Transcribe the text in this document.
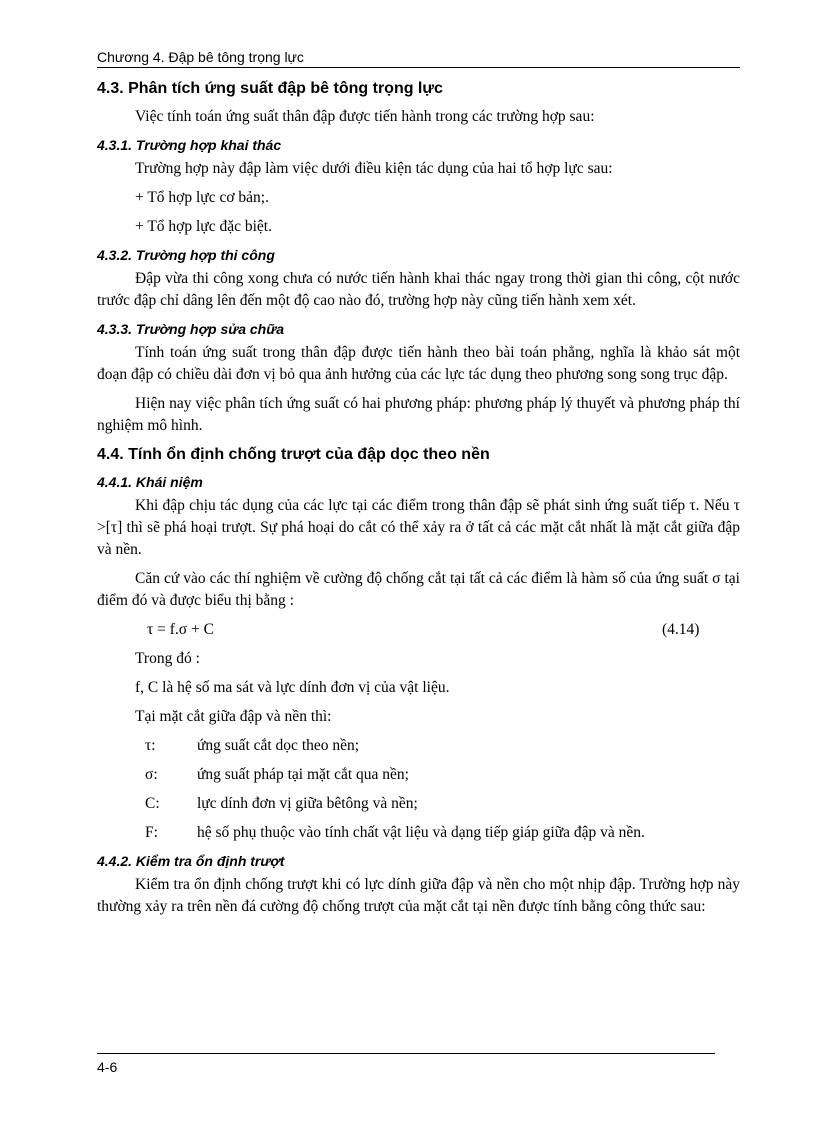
Chương 4. Đập bê tông trọng lực
4.3. Phân tích ứng suất đập bê tông trọng lực

Việc tính toán ứng suất thân đập được tiến hành trong các trường hợp sau:

4.3.1. Trường hợp khai thác

Trường hợp này đập làm việc dưới điều kiện tác dụng của hai tổ hợp lực sau:

+ Tổ hợp lực cơ bản;.

+ Tổ hợp lực đặc biệt.

4.3.2. Trường hợp thi công

Đập vừa thi công xong chưa có nước tiến hành khai thác ngay trong thời gian thi công, cột nước trước đập chỉ dâng lên đến một độ cao nào đó, trường hợp này cũng tiến hành xem xét.

4.3.3. Trường hợp sửa chữa

Tính toán ứng suất trong thân đập được tiến hành theo bài toán phẳng, nghĩa là khảo sát một đoạn đập có chiều dài đơn vị bỏ qua ảnh hưởng của các lực tác dụng theo phương song song trục đập.

Hiện nay việc phân tích ứng suất có hai phương pháp: phương pháp lý thuyết và phương pháp thí nghiệm mô hình.

4.4. Tính ổn định chống trượt của đập dọc theo nền
4.4.1. Khái niệm

Khi đập chịu tác dụng của các lực tại các điểm trong thân đập sẽ phát sinh ứng suất tiếp τ. Nếu τ >[τ] thì sẽ phá hoại trượt. Sự phá hoại do cắt có thể xảy ra ở tất cả các mặt cắt nhất là mặt cắt giữa đập và nền.

Căn cứ vào các thí nghiệm về cường độ chống cắt tại tất cả các điểm là hàm số của ứng suất σ tại điểm đó và được biểu thị bằng :

τ = f.σ + C	(4.14)

Trong đó :

f, C là hệ số ma sát và lực dính đơn vị của vật liệu.

Tại mặt cắt giữa đập và nền thì:

τ:	ứng suất cắt dọc theo nền;
σ:	ứng suất pháp tại mặt cắt qua nền;
C:	lực dính đơn vị giữa bêtông và nền;
F:	hệ số phụ thuộc vào tính chất vật liệu và dạng tiếp giáp giữa đập và nền.
4.4.2. Kiểm tra ổn định trượt

Kiểm tra ổn định chống trượt khi có lực dính giữa đập và nền cho một nhịp đập. Trường hợp này thường xảy ra trên nền đá cường độ chống trượt của mặt cắt tại nền được tính bằng công thức sau:

4-6
